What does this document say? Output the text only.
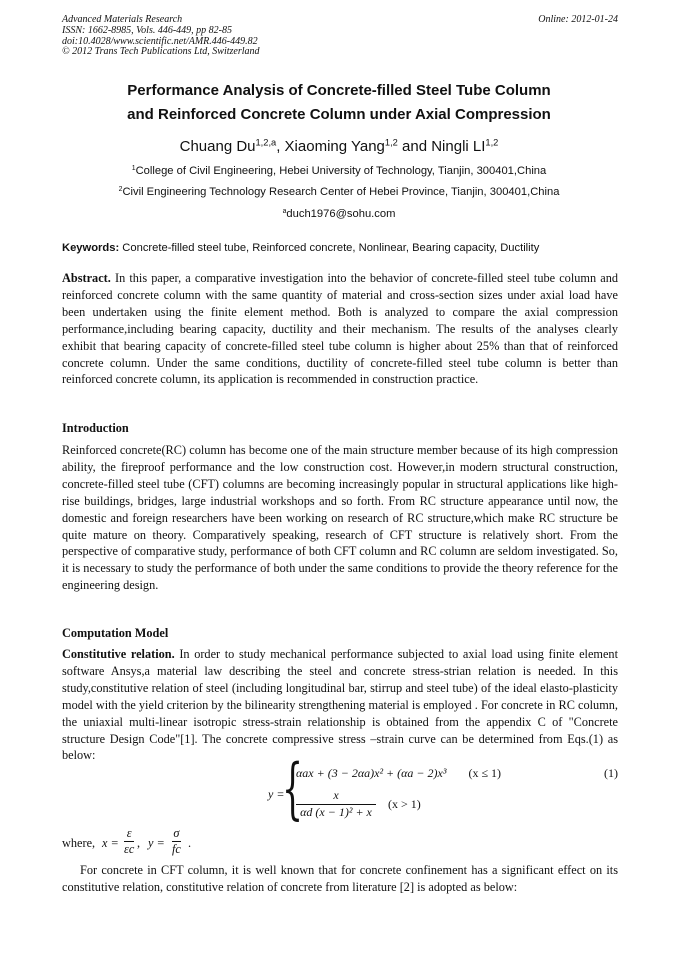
Advanced Materials Research
ISSN: 1662-8985, Vols. 446-449, pp 82-85
doi:10.4028/www.scientific.net/AMR.446-449.82
© 2012 Trans Tech Publications Ltd, Switzerland
Online: 2012-01-24
Performance Analysis of Concrete-filled Steel Tube Column
and Reinforced Concrete Column under Axial Compression
Chuang Du$^{1,2,a}$, Xiaoming Yang$^{1,2}$ and Ningli LI$^{1,2}$
$^1$College of Civil Engineering, Hebei University of Technology, Tianjin, 300401,China
$^2$Civil Engineering Technology Research Center of Hebei Province, Tianjin, 300401,China
$^a$duch1976@sohu.com
Keywords: Concrete-filled steel tube, Reinforced concrete, Nonlinear, Bearing capacity, Ductility
Abstract. In this paper, a comparative investigation into the behavior of concrete-filled steel tube column and reinforced concrete column with the same quantity of material and cross-section sizes under axial load have been undertaken using the finite element method. Both is analyzed to compare the axial compression performance,including bearing capacity, ductility and their mechanism. The results of the analyses clearly exhibit that bearing capacity of concrete-filled steel tube column is higher about 25% than that of reinforced concrete column. Under the same conditions, ductility of concrete-filled steel tube column is better than reinforced concrete column, its application is recommended in construction practice.
Introduction
Reinforced concrete(RC) column has become one of the main structure member because of its high compression ability, the fireproof performance and the low construction cost. However,in modern structural construction, concrete-filled steel tube (CFT) columns are becoming increasingly popular in structural applications like high-rise buildings, bridges, large industrial workshops and so forth. From RC structure appearance until now, the domestic and foreign researchers have been working on research of RC structure,which make RC structure be quite mature on theory. Comparatively speaking, research of CFT structure is relatively short. From the perspective of comparative study, performance of both CFT column and RC column are seldom investigated. So, it is necessary to study the performance of both under the same conditions to provide the theory reference for the engineering design.
Computation Model
Constitutive relation. In order to study mechanical performance subjected to axial load using finite element software Ansys,a material law describing the steel and concrete stress-strian relation is needed. In this study,constitutive relation of steel (including longitudinal bar, stirrup and steel tube) of the ideal elasto-plasticity model with the yield criterion by the bilinearity strengthening material is employed . For concrete in RC column, the uniaxial multi-linear isotropic stress-strain relationship is obtained from the appendix C of "Concrete structure Design Code"[1]. The concrete compressive stress –strain curve can be determined from Eqs.(1) as below:
y =
{
αax + (3 − 2αa)x² + (αa − 2)x³ (x ≤ 1)
$\frac{x}{\text{αd (x − 1)² + x}} (x > 1)$
(1)
where, $x = \frac{\varepsilon}{\varepsilon c}$ , $y = \frac{\sigma}{fc}$ .
For concrete in CFT column, it is well known that for concrete confinement has a significant effect on its constitutive relation, constitutive relation of concrete from literature [2] is adopted as below:
